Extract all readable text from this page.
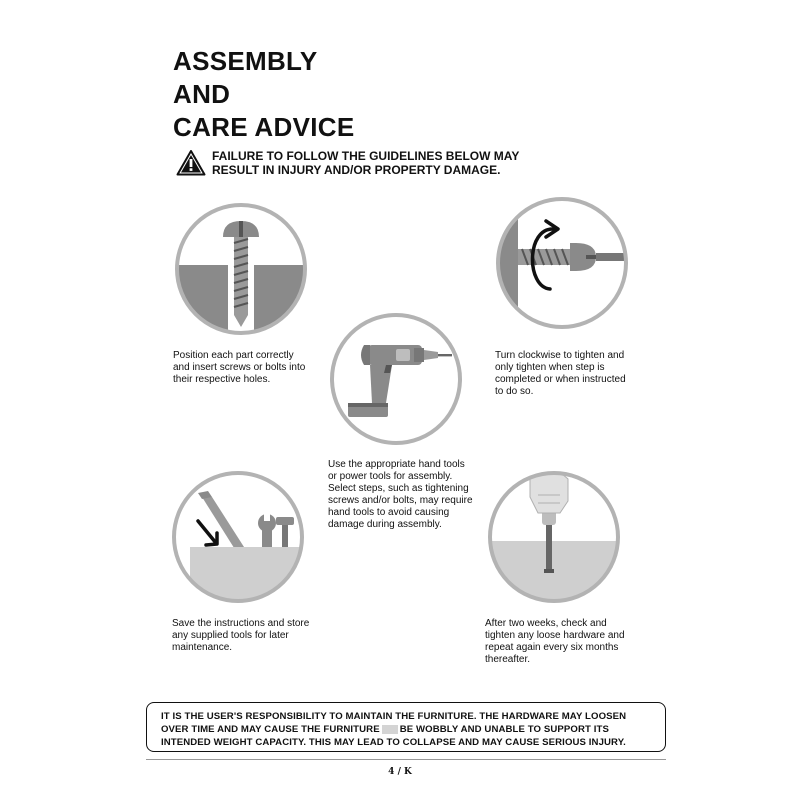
ASSEMBLY
AND
CARE ADVICE

FAILURE TO FOLLOW THE GUIDELINES BELOW MAY
RESULT IN INJURY AND/OR PROPERTY DAMAGE.

Position each part correctly
and insert screws or bolts into
their respective holes.

Use the appropriate hand tools
or power tools for assembly.
Select steps, such as tightening
screws and/or bolts, may require
hand tools to avoid causing
damage during assembly.

Turn clockwise to tighten and
only tighten when step is
completed or when instructed
to do so.

Save the instructions and store
any supplied tools for later
maintenance.

After two weeks, check and
tighten any loose hardware and
repeat again every six months
thereafter.

IT IS THE USER'S RESPONSIBILITY TO MAINTAIN THE FURNITURE. THE HARDWARE MAY LOOSEN
OVER TIME AND MAY CAUSE THE FURNITURE BE WOBBLY AND UNABLE TO SUPPORT ITS
INTENDED WEIGHT CAPACITY. THIS MAY LEAD TO COLLAPSE AND MAY CAUSE SERIOUS INJURY.
4 / K
